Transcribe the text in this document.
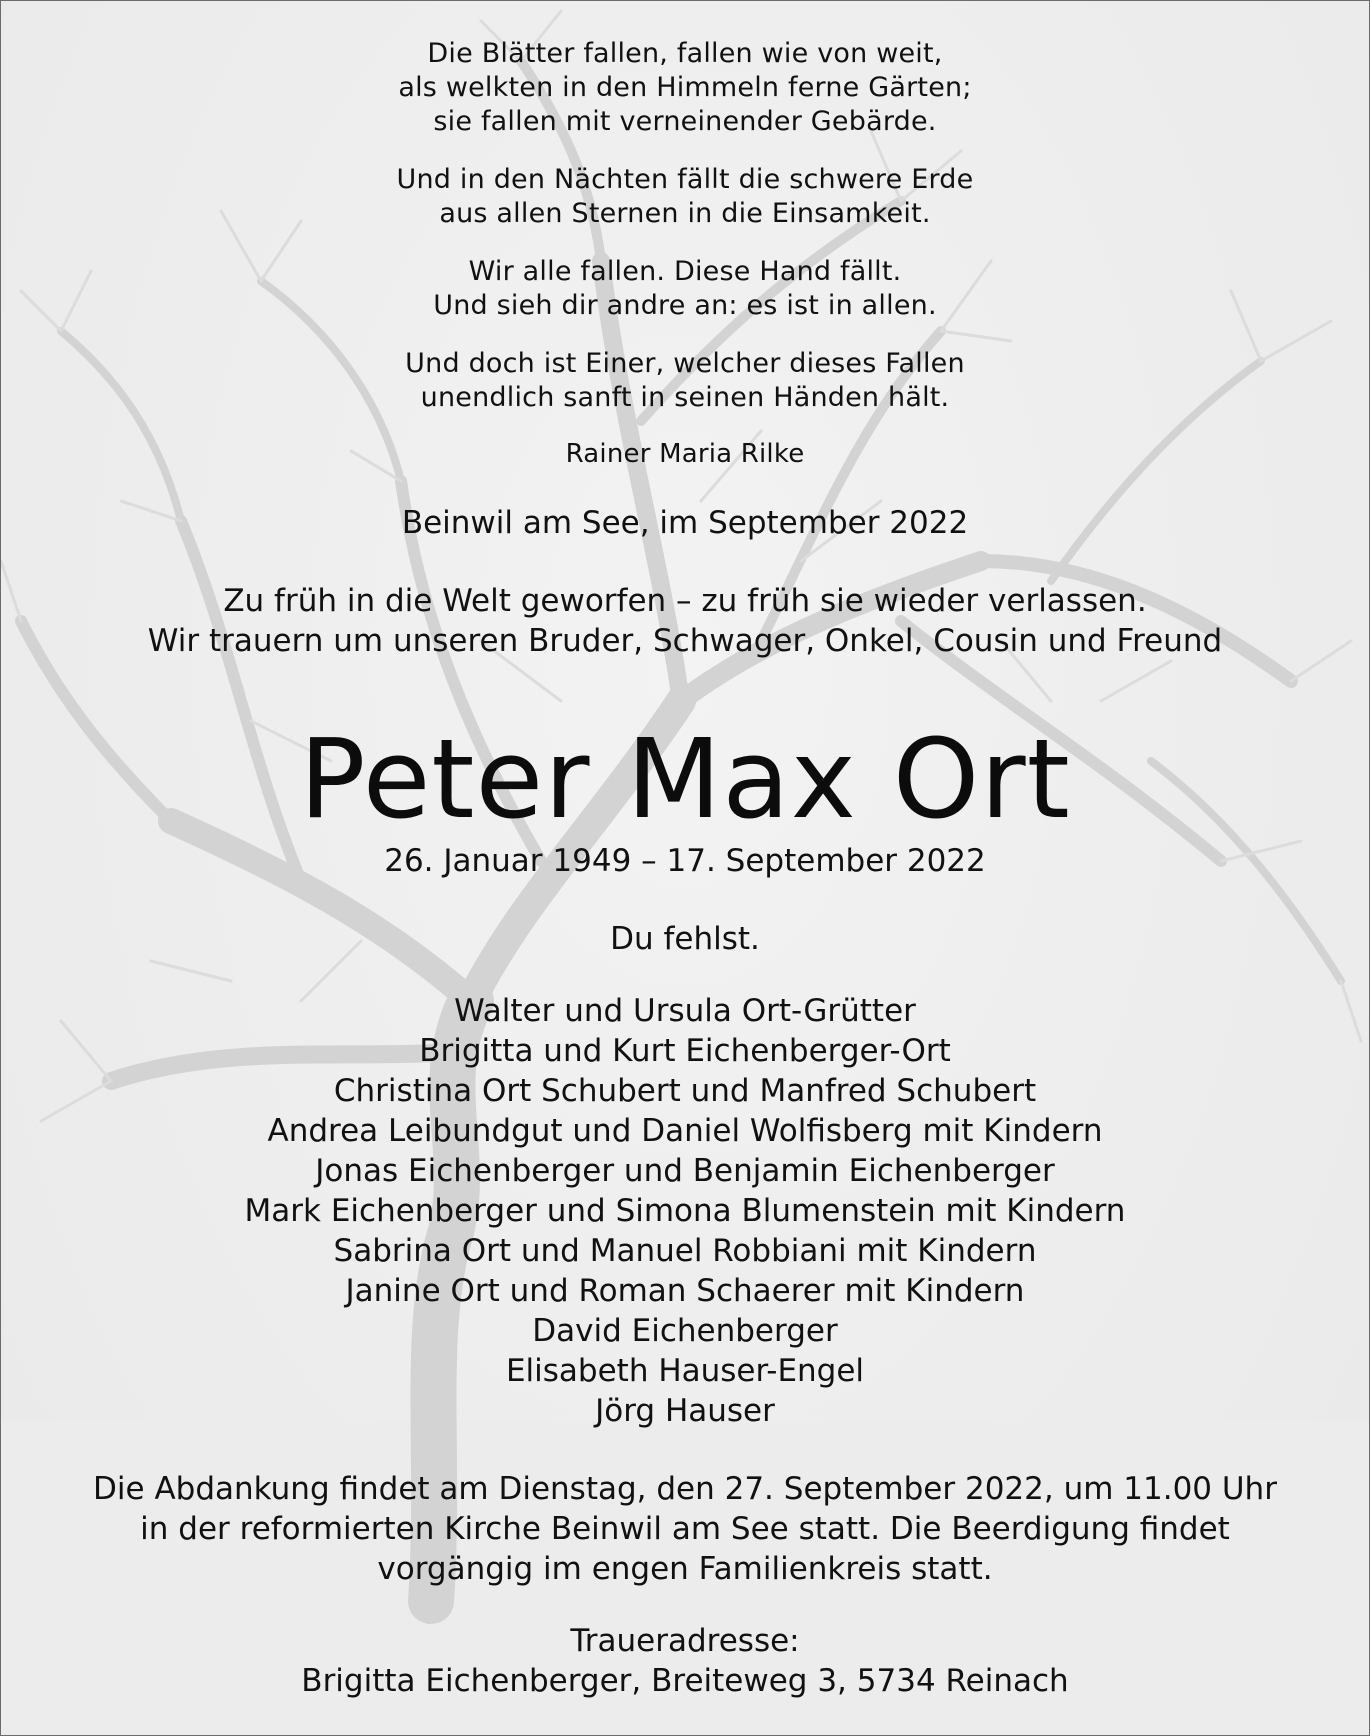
Die Blätter fallen, fallen wie von weit,
als welkten in den Himmeln ferne Gärten;
sie fallen mit verneinender Gebärde.
Und in den Nächten fällt die schwere Erde
aus allen Sternen in die Einsamkeit.
Wir alle fallen. Diese Hand fällt.
Und sieh dir andre an: es ist in allen.
Und doch ist Einer, welcher dieses Fallen
unendlich sanft in seinen Händen hält.
Rainer Maria Rilke
Beinwil am See, im September 2022
Zu früh in die Welt geworfen – zu früh sie wieder verlassen.
Wir trauern um unseren Bruder, Schwager, Onkel, Cousin und Freund
Peter Max Ort
26. Januar 1949 – 17. September 2022
Du fehlst.
Walter und Ursula Ort-Grütter
Brigitta und Kurt Eichenberger-Ort
Christina Ort Schubert und Manfred Schubert
Andrea Leibundgut und Daniel Wolfisberg mit Kindern
Jonas Eichenberger und Benjamin Eichenberger
Mark Eichenberger und Simona Blumenstein mit Kindern
Sabrina Ort und Manuel Robbiani mit Kindern
Janine Ort und Roman Schaerer mit Kindern
David Eichenberger
Elisabeth Hauser-Engel
Jörg Hauser
Die Abdankung findet am Dienstag, den 27. September 2022, um 11.00 Uhr
in der reformierten Kirche Beinwil am See statt. Die Beerdigung findet
vorgängig im engen Familienkreis statt.
Traueradresse:
Brigitta Eichenberger, Breiteweg 3, 5734 Reinach
